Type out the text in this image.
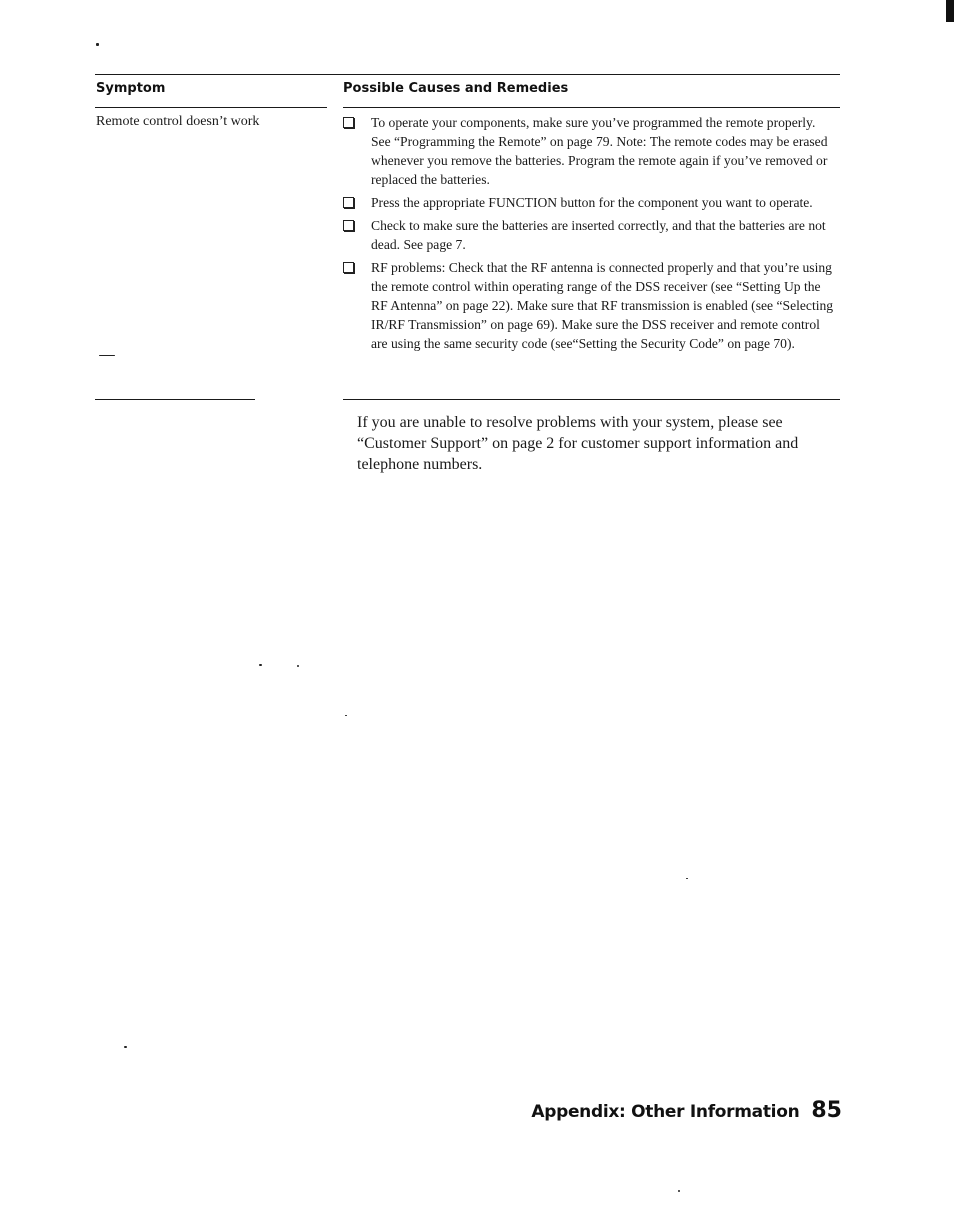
Symptom	Possible Causes and Remedies
Remote control doesn’t work	To operate your components, make sure you’ve programmed the remote properly. See “Programming the Remote” on page 79. Note: The remote codes may be erased whenever you remove the batteries. Program the remote again if you’ve removed or replaced the batteries.
Press the appropriate FUNCTION button for the component you want to operate.
Check to make sure the batteries are inserted correctly, and that the batteries are not dead. See page 7.
RF problems: Check that the RF antenna is connected properly and that you’re using the remote control within operating range of the DSS receiver (see “Setting Up the RF Antenna” on page 22). Make sure that RF transmission is enabled (see “Selecting IR/RF Transmission” on page 69). Make sure the DSS receiver and remote control are using the same security code (see“Setting the Security Code” on page 70).

If you are unable to resolve problems with your system, please see “Customer Support” on page 2 for customer support information and telephone numbers.

Appendix: Other Information 85
